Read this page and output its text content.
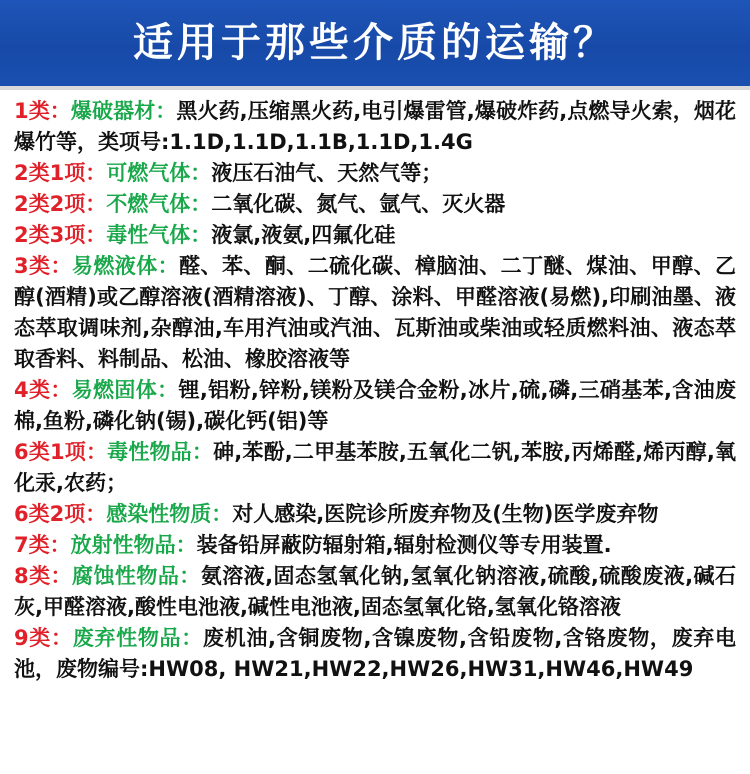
适用于那些介质的运输？

1类：爆破器材：黑火药,压缩黑火药,电引爆雷管,爆破炸药,点燃导火索，烟花爆竹等，类项号:1.1D,1.1D,1.1B,1.1D,1.4G

2类1项：可燃气体：液压石油气、天然气等；

2类2项：不燃气体：二氧化碳、氮气、氩气、灭火器

2类3项：毒性气体：液氯,液氨,四氟化硅

3类：易燃液体：醛、苯、酮、二硫化碳、樟脑油、二丁醚、煤油、甲醇、乙醇(酒精)或乙醇溶液(酒精溶液)、丁醇、涂料、甲醛溶液(易燃),印刷油墨、液态萃取调味剂,杂醇油,车用汽油或汽油、瓦斯油或柴油或轻质燃料油、液态萃取香料、料制品、松油、橡胶溶液等

4类：易燃固体：锂,铝粉,锌粉,镁粉及镁合金粉,冰片,硫,磷,三硝基苯,含油废棉,鱼粉,磷化钠(锡),碳化钙(铝)等

6类1项：毒性物品：砷,苯酚,二甲基苯胺,五氧化二钒,苯胺,丙烯醛,烯丙醇,氧化汞,农药；

6类2项：感染性物质：对人感染,医院诊所废弃物及(生物)医学废弃物

7类：放射性物品：装备铅屏蔽防辐射箱,辐射检测仪等专用装置.

8类：腐蚀性物品：氨溶液,固态氢氧化钠,氢氧化钠溶液,硫酸,硫酸废液,碱石灰,甲醛溶液,酸性电池液,碱性电池液,固态氢氧化铬,氢氧化铬溶液

9类：废弃性物品：废机油,含铜废物,含镍废物,含铅废物,含铬废物，废弃电池，废物编号:HW08, HW21,HW22,HW26,HW31,HW46,HW49
